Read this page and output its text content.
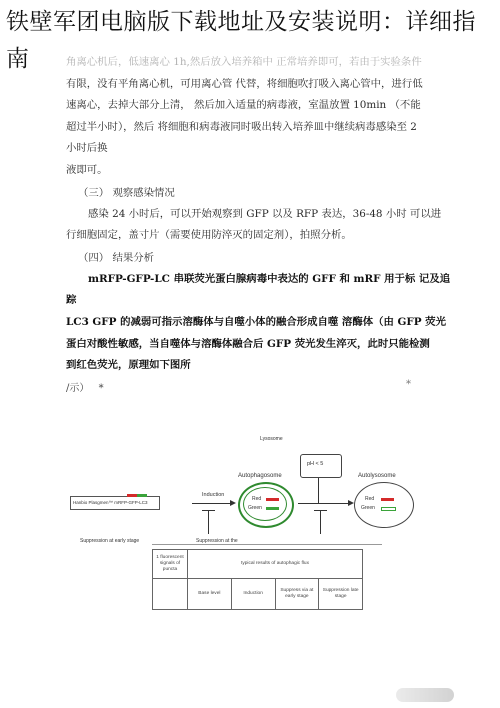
铁壁军团电脑版下载地址及安装说明：详细指南	角离心机后，低速离心 1h,然后放入培养箱中 正常培养即可，若由于实验条件

有限，没有平角离心机，可用离心管 代替，将细胞吹打吸入离心管中，进行低

速离心，去掉大部分上清， 然后加入适量的病毒液，室温放置 10min （不能

超过半小时），然后 将细胞和病毒液同时吸出转入培养皿中继续病毒感染至 2

小时后换

液即可。

（三） 观察感染情况

感染 24 小时后，可以开始观察到 GFP 以及 RFP 表达，36-48 小时 可以进

行细胞固定，盖寸片（需要使用防淬灭的固定剂），拍照分析。

（四） 结果分析

mRFP-GFP-LC 串联荧光蛋白腺病毒中表达的 GFF 和 mRF 用于标 记及追踪

LC3 GFP 的减弱可指示溶酶体与自噬小体的融合形成自噬 溶酶体（由 GFP 荧光

蛋白对酸性敏感，当自噬体与溶酶体融合后 GFP 荧光发生淬灭，此时只能检测

到红色荧光，原理如下图所

/示） *	*
Lysosome
pH < 5
Autophagosome	Autolysosome
Hanbio Plasgmen™ mRFP-GFP-LC3
Induction
Red
Green
Red
Green
Suppression at early stage	Suppression at the
1 fluorescent signals of puncta	typical results of autophagic flux			
	Base level	Induction	Suppress via at early stage	Suppression late stage
